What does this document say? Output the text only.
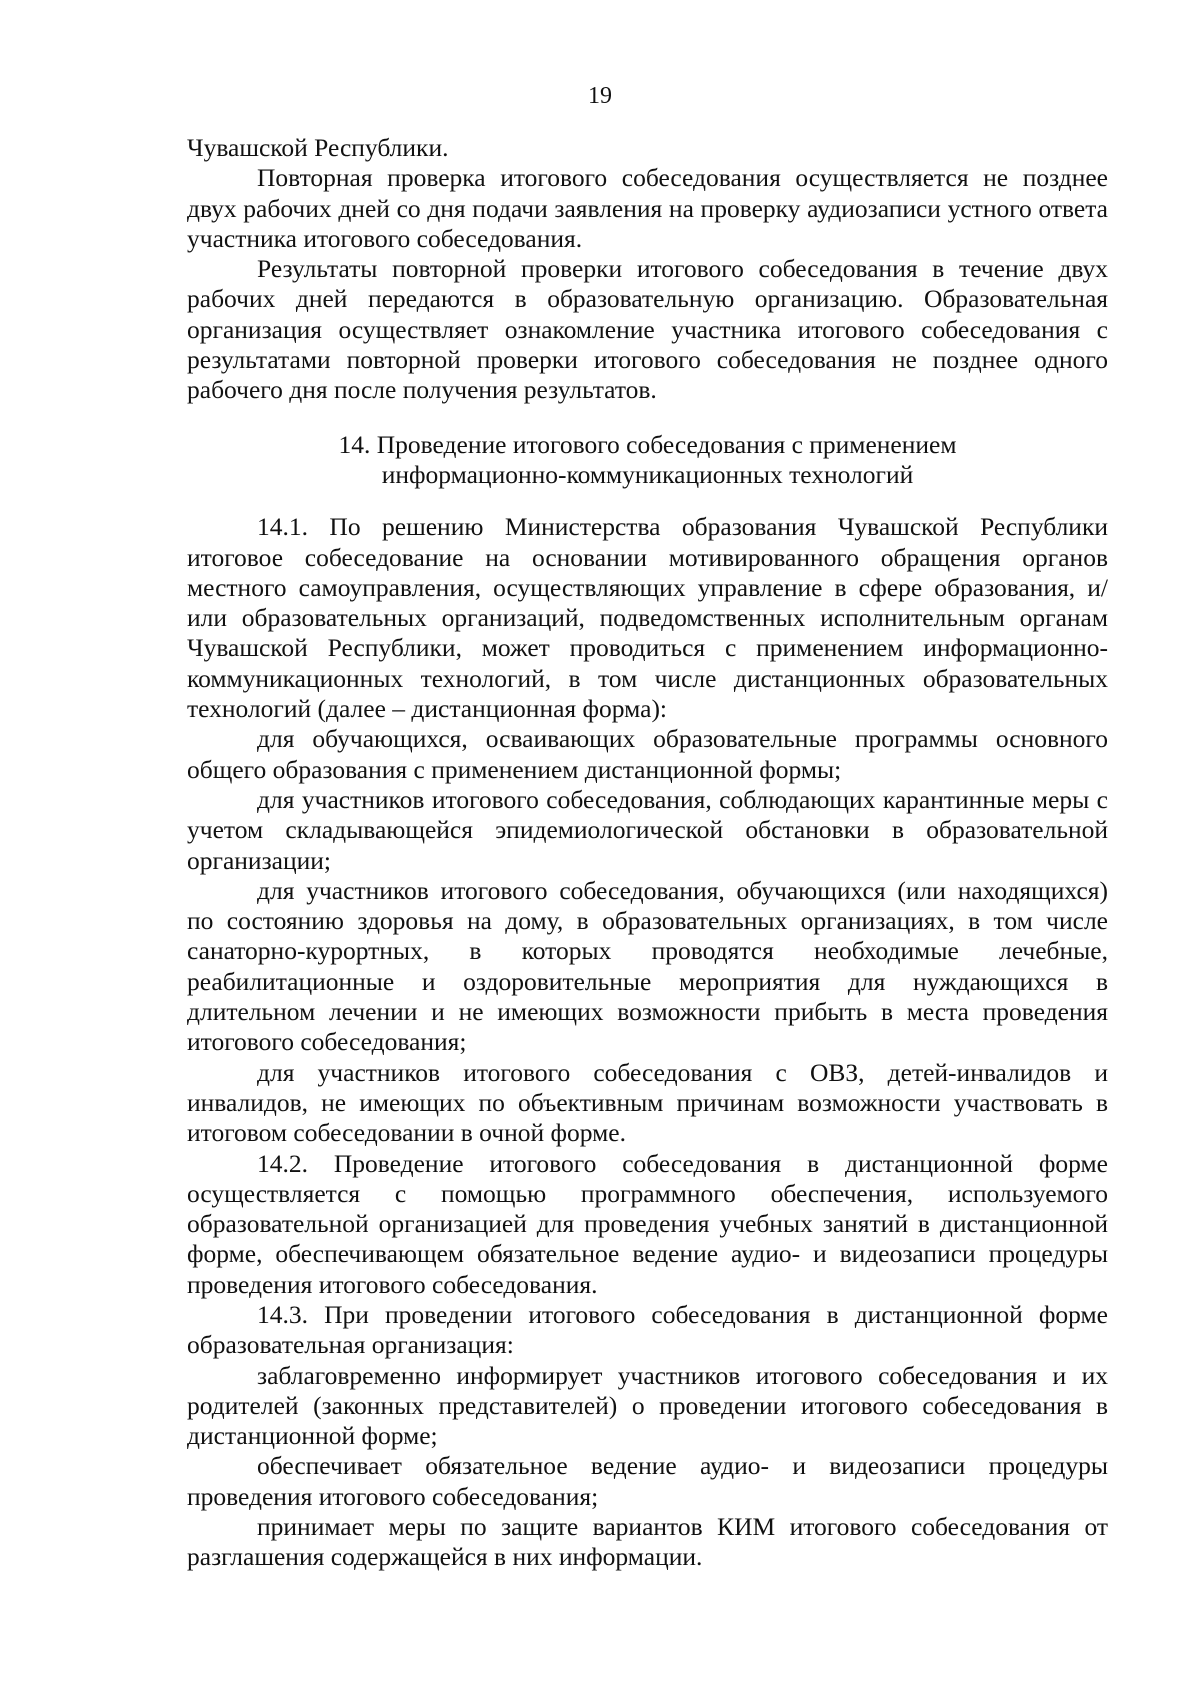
19

Чувашской Республики.

Повторная проверка итогового собеседования осуществляется не позднее двух рабочих дней со дня подачи заявления на проверку аудиозаписи устного ответа участника итогового собеседования.

Результаты повторной проверки итогового собеседования в течение двух рабочих дней передаются в образовательную организацию. Образовательная организация осуществляет ознакомление участника итогового собеседования с результатами повторной проверки итогового собеседования не позднее одного рабочего дня после получения результатов.

14. Проведение итогового собеседования с применением
информационно-коммуникационных технологий

14.1. По решению Министерства образования Чувашской Республики итоговое собеседование на основании мотивированного обращения органов местного самоуправления, осуществляющих управление в сфере образования, и/или образовательных организаций, подведомственных исполнительным органам Чувашской Республики, может проводиться с применением информационно-коммуникационных технологий, в том числе дистанционных образовательных технологий (далее – дистанционная форма):

для обучающихся, осваивающих образовательные программы основного общего образования с применением дистанционной формы;

для участников итогового собеседования, соблюдающих карантинные меры с учетом складывающейся эпидемиологической обстановки в образовательной организации;

для участников итогового собеседования, обучающихся (или находящихся) по состоянию здоровья на дому, в образовательных организациях, в том числе санаторно-курортных, в которых проводятся необходимые лечебные, реабилитационные и оздоровительные мероприятия для нуждающихся в длительном лечении и не имеющих возможности прибыть в места проведения итогового собеседования;

для участников итогового собеседования с ОВЗ, детей-инвалидов и инвалидов, не имеющих по объективным причинам возможности участвовать в итоговом собеседовании в очной форме.

14.2. Проведение итогового собеседования в дистанционной форме осуществляется с помощью программного обеспечения, используемого образовательной организацией для проведения учебных занятий в дистанционной форме, обеспечивающем обязательное ведение аудио- и видеозаписи процедуры проведения итогового собеседования.

14.3. При проведении итогового собеседования в дистанционной форме образовательная организация:

заблаговременно информирует участников итогового собеседования и их родителей (законных представителей) о проведении итогового собеседования в дистанционной форме;

обеспечивает обязательное ведение аудио- и видеозаписи процедуры проведения итогового собеседования;

принимает меры по защите вариантов КИМ итогового собеседования от разглашения содержащейся в них информации.
